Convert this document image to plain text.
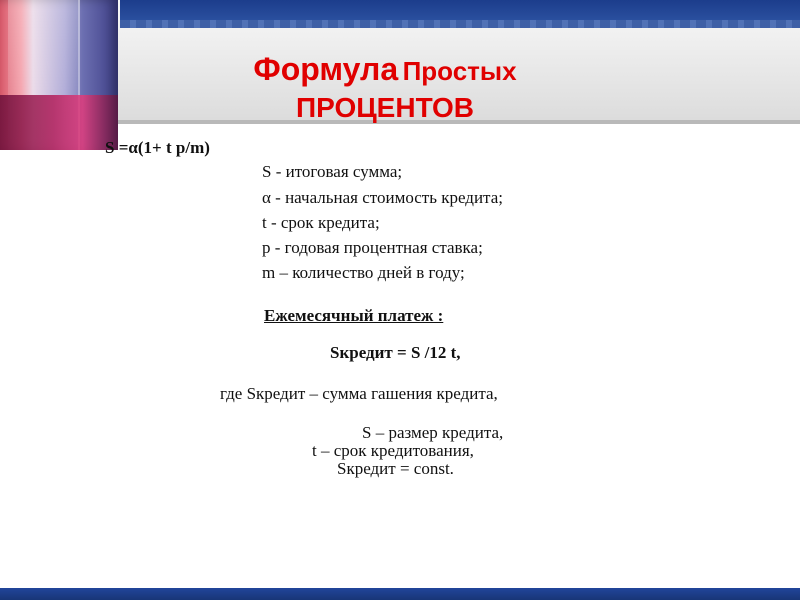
Формула Простых
ПРОЦЕНТОВ
S =α(1+ t p/m)
S - итоговая сумма;
α - начальная стоимость кредита;
t - срок кредита;
p - годовая процентная ставка;
m – количество дней в году;
Ежемесячный платеж :
Sкредит = S /12 t,
где Sкредит – сумма гашения кредита,
S – размер кредита,
t – срок кредитования,
Sкредит = const.
